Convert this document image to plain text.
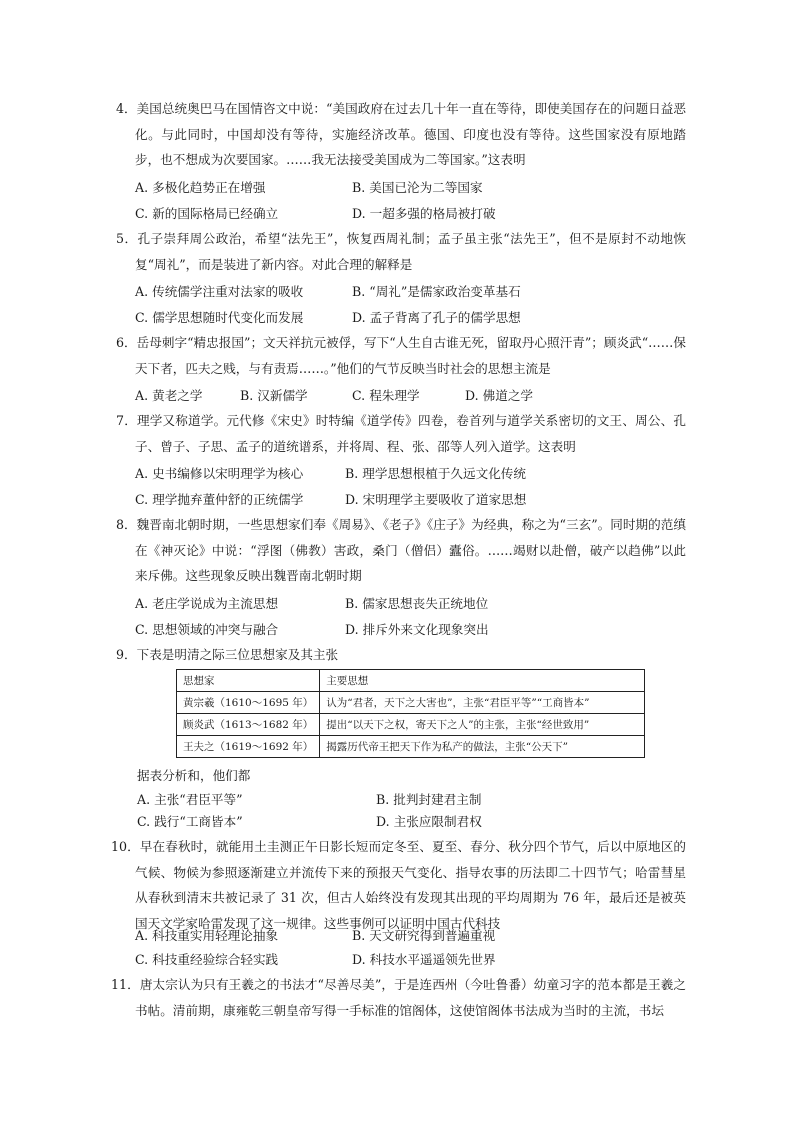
4．美国总统奥巴马在国情咨文中说：“美国政府在过去几十年一直在等待，即使美国存在的问题日益恶化。与此同时，中国却没有等待，实施经济改革。德国、印度也没有等待。这些国家没有原地踏步，也不想成为次要国家。……我无法接受美国成为二等国家。”这表明
A. 多极化趋势正在增强	B. 美国已沦为二等国家
C. 新的国际格局已经确立	D. 一超多强的格局被打破
5．孔子崇拜周公政治，希望“法先王”，恢复西周礼制；孟子虽主张“法先王”，但不是原封不动地恢复“周礼”，而是装进了新内容。对此合理的解释是
A. 传统儒学注重对法家的吸收	B. “周礼”是儒家政治变革基石
C. 儒学思想随时代变化而发展	D. 孟子背离了孔子的儒学思想
6．岳母刺字“精忠报国”；文天祥抗元被俘，写下“人生自古谁无死，留取丹心照汗青”；顾炎武“……保天下者，匹夫之贱，与有责焉……。”他们的气节反映当时社会的思想主流是
A. 黄老之学	B. 汉新儒学	C. 程朱理学	D. 佛道之学
7．理学又称道学。元代修《宋史》时特编《道学传》四卷，卷首列与道学关系密切的文王、周公、孔子、曾子、子思、孟子的道统谱系，并将周、程、张、邵等人列入道学。这表明
A. 史书编修以宋明理学为核心	B. 理学思想根植于久远文化传统
C. 理学抛弃董仲舒的正统儒学	D. 宋明理学主要吸收了道家思想
8．魏晋南北朝时期，一些思想家们奉《周易》、《老子》《庄子》为经典，称之为“三玄”。同时期的范缜在《神灭论》中说：“浮图（佛教）害政，桑门（僧侣）蠹俗。……竭财以赴僧，破产以趋佛”以此来斥佛。这些现象反映出魏晋南北朝时期
A. 老庄学说成为主流思想	B. 儒家思想丧失正统地位
C. 思想领域的冲突与融合	D. 排斥外来文化现象突出
9．下表是明清之际三位思想家及其主张
思想家	主要思想
黄宗羲（1610～1695 年）	认为“君者，天下之大害也”，主张“君臣平等”“工商皆本”
顾炎武（1613～1682 年）	提出“以天下之权，寄天下之人”的主张，主张“经世致用”
王夫之（1619～1692 年）	揭露历代帝王把天下作为私产的做法，主张“公天下”
据表分析和，他们都
A. 主张“君臣平等”	B. 批判封建君主制
C. 践行“工商皆本”	D. 主张应限制君权
10．早在春秋时，就能用土圭测正午日影长短而定冬至、夏至、春分、秋分四个节气，后以中原地区的气候、物候为参照逐渐建立并流传下来的预报天气变化、指导农事的历法即二十四节气；哈雷彗星从春秋到清末共被记录了 31 次，但古人始终没有发现其出现的平均周期为 76 年，最后还是被英国天文学家哈雷发现了这一规律。这些事例可以证明中国古代科技
A. 科技重实用轻理论抽象	B. 天文研究得到普遍重视
C. 科技重经验综合轻实践	D. 科技水平遥遥领先世界
11．唐太宗认为只有王羲之的书法才“尽善尽美”，于是连西州（今吐鲁番）幼童习字的范本都是王羲之书帖。清前期，康雍乾三朝皇帝写得一手标准的馆阁体，这使馆阁体书法成为当时的主流，书坛
